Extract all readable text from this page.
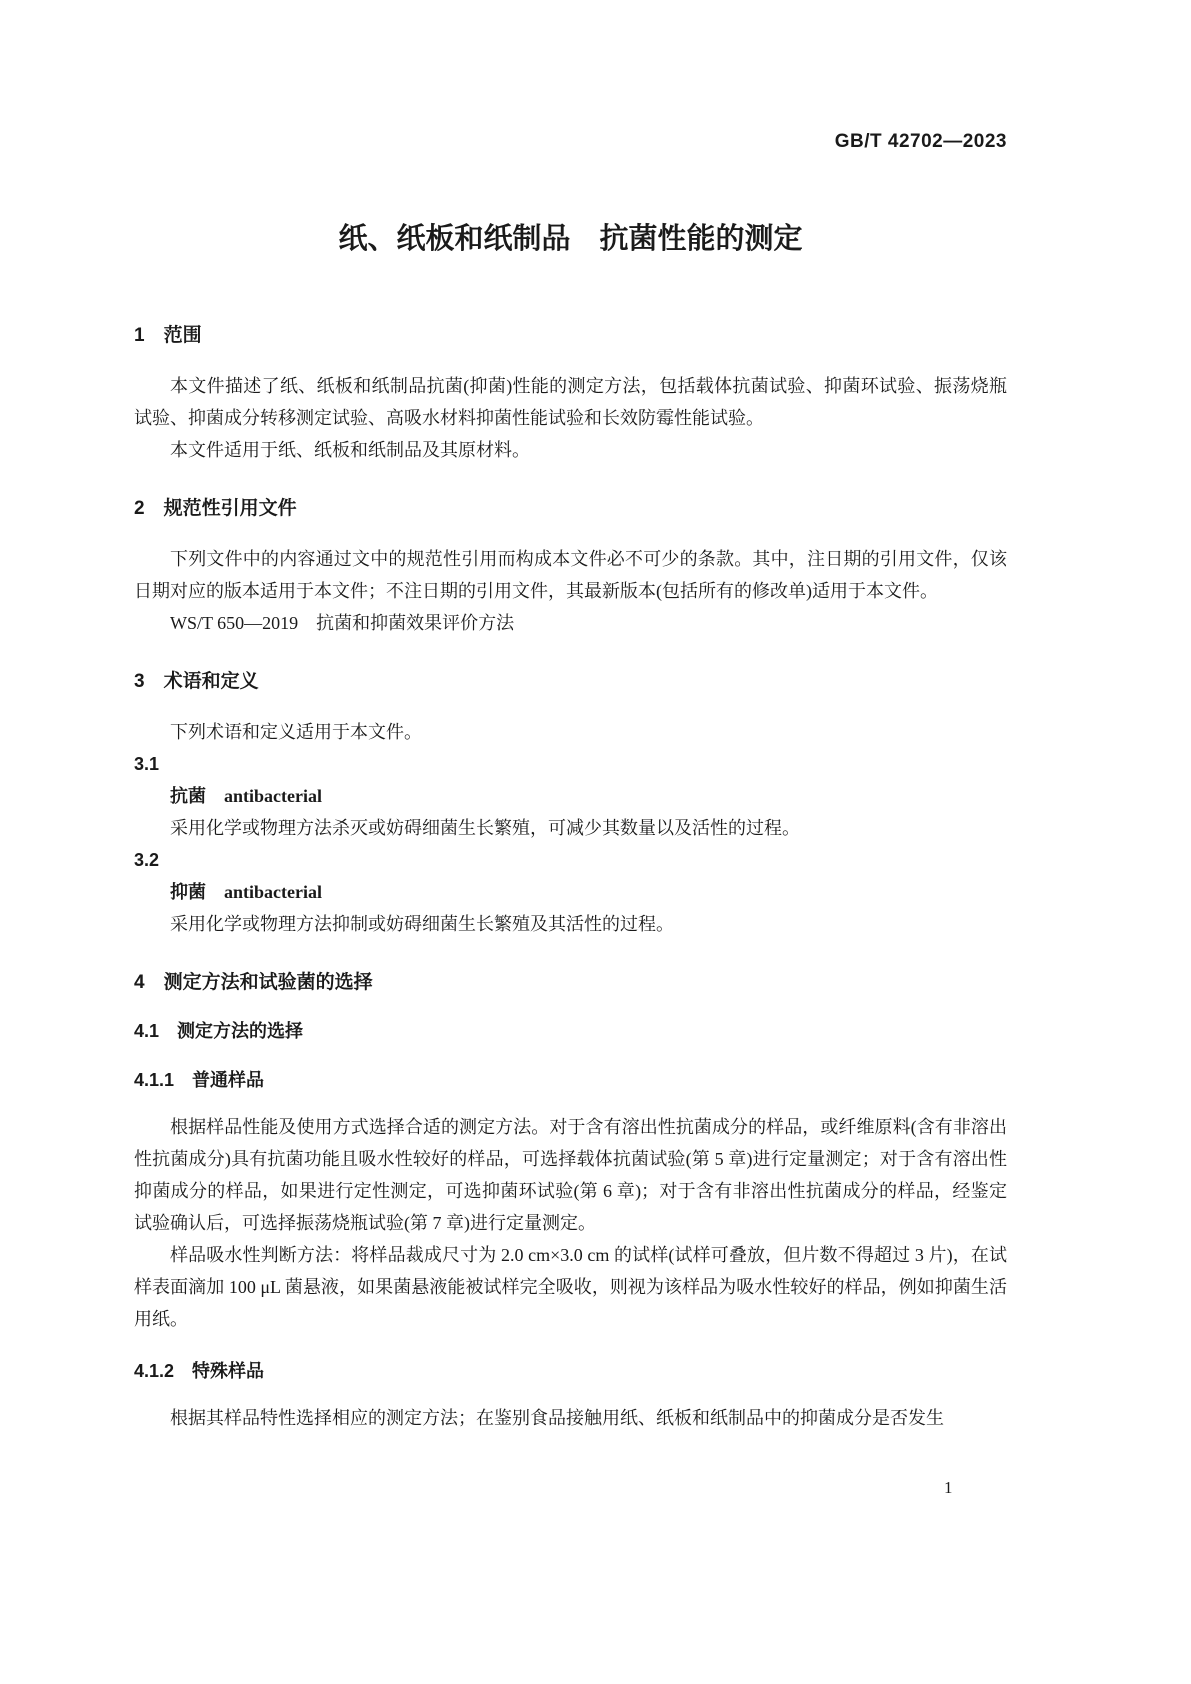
GB/T 42702—2023
纸、纸板和纸制品　抗菌性能的测定
1　范围

本文件描述了纸、纸板和纸制品抗菌(抑菌)性能的测定方法，包括载体抗菌试验、抑菌环试验、振荡烧瓶试验、抑菌成分转移测定试验、高吸水材料抑菌性能试验和长效防霉性能试验。

本文件适用于纸、纸板和纸制品及其原材料。

2　规范性引用文件

下列文件中的内容通过文中的规范性引用而构成本文件必不可少的条款。其中，注日期的引用文件，仅该日期对应的版本适用于本文件；不注日期的引用文件，其最新版本(包括所有的修改单)适用于本文件。

WS/T 650—2019　抗菌和抑菌效果评价方法

3　术语和定义

下列术语和定义适用于本文件。

3.1

抗菌　antibacterial

采用化学或物理方法杀灭或妨碍细菌生长繁殖，可减少其数量以及活性的过程。

3.2

抑菌　antibacterial

采用化学或物理方法抑制或妨碍细菌生长繁殖及其活性的过程。

4　测定方法和试验菌的选择
4.1　测定方法的选择
4.1.1　普通样品

根据样品性能及使用方式选择合适的测定方法。对于含有溶出性抗菌成分的样品，或纤维原料(含有非溶出性抗菌成分)具有抗菌功能且吸水性较好的样品，可选择载体抗菌试验(第 5 章)进行定量测定；对于含有溶出性抑菌成分的样品，如果进行定性测定，可选抑菌环试验(第 6 章)；对于含有非溶出性抗菌成分的样品，经鉴定试验确认后，可选择振荡烧瓶试验(第 7 章)进行定量测定。

样品吸水性判断方法：将样品裁成尺寸为 2.0 cm×3.0 cm 的试样(试样可叠放，但片数不得超过 3 片)，在试样表面滴加 100 μL 菌悬液，如果菌悬液能被试样完全吸收，则视为该样品为吸水性较好的样品，例如抑菌生活用纸。

4.1.2　特殊样品

根据其样品特性选择相应的测定方法；在鉴别食品接触用纸、纸板和纸制品中的抑菌成分是否发生

1
